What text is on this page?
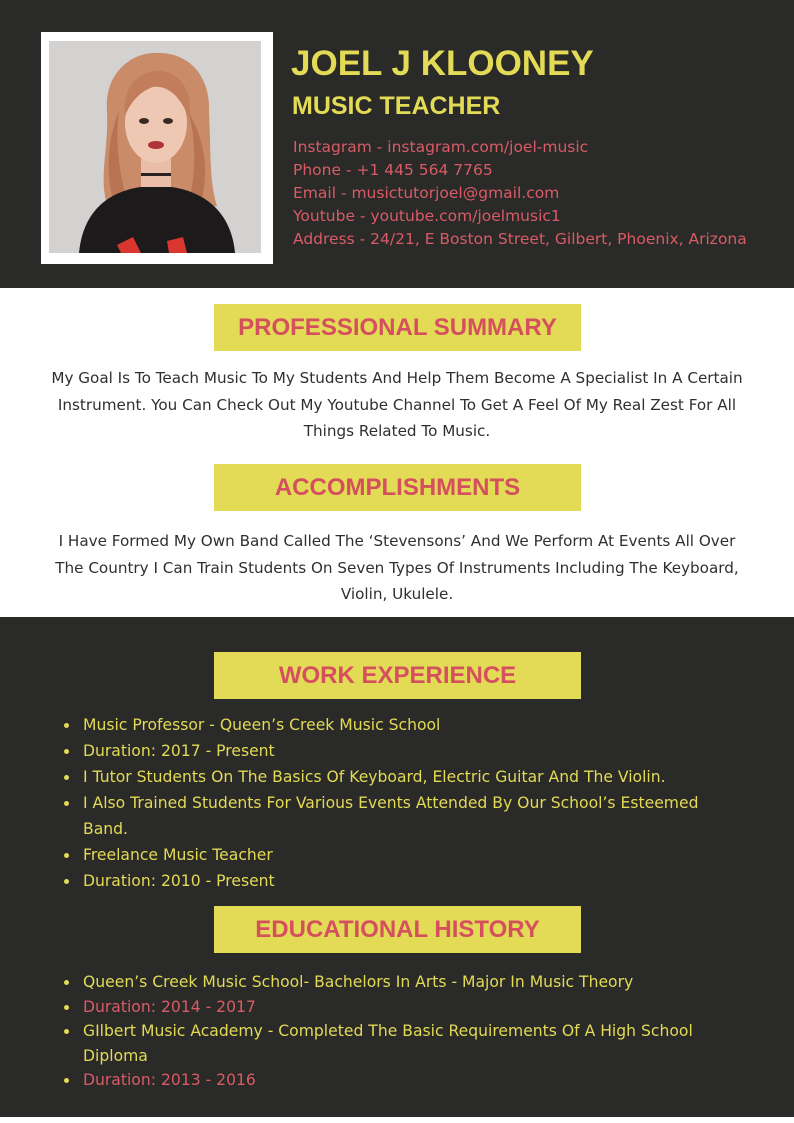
JOEL J KLOONEY
MUSIC TEACHER
Instagram - instagram.com/joel-music
Phone - +1 445 564 7765
Email - musictutorjoel@gmail.com
Youtube - youtube.com/joelmusic1
Address - 24/21, E Boston Street, Gilbert, Phoenix, Arizona
PROFESSIONAL SUMMARY

My Goal Is To Teach Music To My Students And Help Them Become A Specialist In A Certain Instrument. You Can Check Out My Youtube Channel To Get A Feel Of My Real Zest For All Things Related To Music.

ACCOMPLISHMENTS

I Have Formed My Own Band Called The ‘Stevensons’ And We Perform At Events All Over The Country I Can Train Students On Seven Types Of Instruments Including The Keyboard, Violin, Ukulele.

WORK EXPERIENCE
Music Professor - Queen’s Creek Music School
Duration: 2017 - Present
I Tutor Students On The Basics Of Keyboard, Electric Guitar And The Violin.
I Also Trained Students For Various Events Attended By Our School’s Esteemed Band.
Freelance Music Teacher
Duration: 2010 - Present
EDUCATIONAL HISTORY
Queen’s Creek Music School- Bachelors In Arts - Major In Music Theory
Duration: 2014 - 2017
GIlbert Music Academy - Completed The Basic Requirements Of A High School Diploma
Duration: 2013 - 2016
